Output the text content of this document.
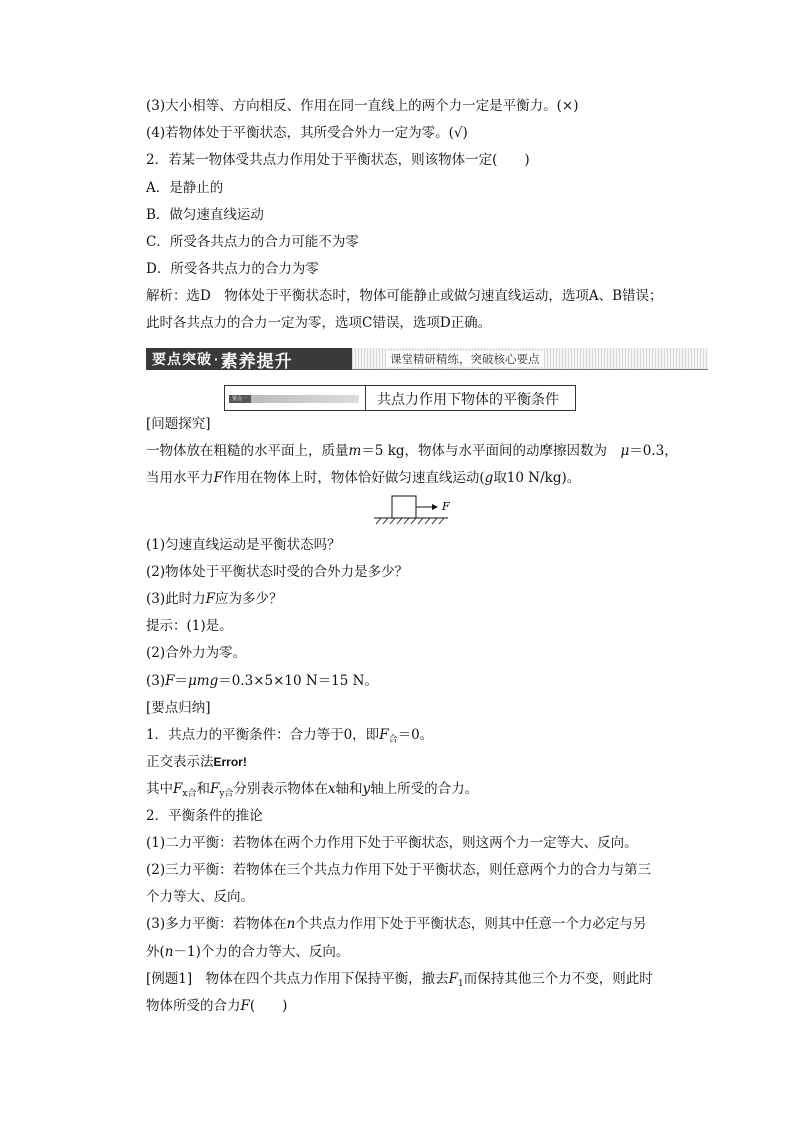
(3)大小相等、方向相反、作用在同一直线上的两个力一定是平衡力。(×)
(4)若物体处于平衡状态，其所受合外力一定为零。(√)
2．若某一物体受共点力作用处于平衡状态，则该物体一定(　　)
A．是静止的
B．做匀速直线运动
C．所受各共点力的合力可能不为零
D．所受各共点力的合力为零
解析：选D　物体处于平衡状态时，物体可能静止或做匀速直线运动，选项A、B错误；
此时各共点力的合力一定为零，选项C错误，选项D正确。
要点突破 · 素养提升	课堂精研精练，突破核心要点
要点一	共点力作用下物体的平衡条件
[问题探究]
一物体放在粗糙的水平面上，质量m＝5 kg，物体与水平面间的动摩擦因数为　μ＝0.3，
当用水平力F作用在物体上时，物体恰好做匀速直线运动(g取10 N/kg)。
F
(1)匀速直线运动是平衡状态吗？
(2)物体处于平衡状态时受的合外力是多少？
(3)此时力F应为多少？
提示：(1)是。
(2)合外力为零。
(3)F＝μmg＝0.3×5×10 N＝15 N。
[要点归纳]
1．共点力的平衡条件：合力等于0，即$F_合=0$。
正交表示法Error!
其中$F_{x合}$和$F_{y合}$分别表示物体在x轴和y轴上所受的合力。
2．平衡条件的推论
(1)二力平衡：若物体在两个力作用下处于平衡状态，则这两个力一定等大、反向。
(2)三力平衡：若物体在三个共点力作用下处于平衡状态，则任意两个力的合力与第三
个力等大、反向。
(3)多力平衡：若物体在n个共点力作用下处于平衡状态，则其中任意一个力必定与另
外(n－1)个力的合力等大、反向。
[例题1]　物体在四个共点力作用下保持平衡，撤去$F_1$而保持其他三个力不变，则此时
物体所受的合力F(　　)
